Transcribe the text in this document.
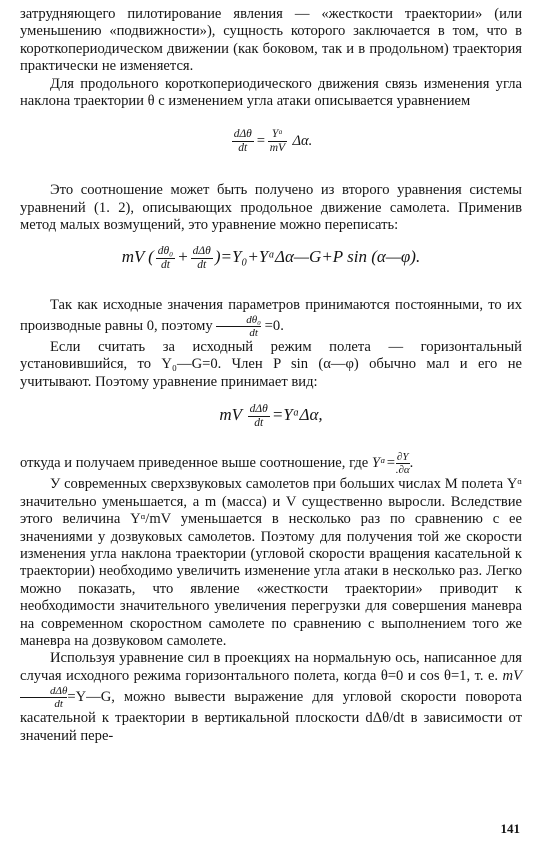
затрудняющего пилотирование явления — «жесткости траектории» (или уменьшению «подвижности»), сущность которого заключается в том, что в короткопериодическом движении (как боковом, так и в продольном) траектория практически не изменяется.

Для продольного короткопериодического движения связь изменения угла наклона траектории θ с изменением угла атаки описывается уравнением

$\frac{\text{dΔθ}}{dt} = \frac{\text{Yᵅ}}{mV} \Delta\alpha$.

Это соотношение может быть получено из второго уравнения системы уравнений (1. 2), описывающих продольное движение самолета. Применив метод малых возмущений, это уравнение можно переписать:

mV ( $\frac{\text{dθ₀}}{dt} + \frac{\text{dΔθ}}{dt}$ )=Y₀+YᵅΔα—G+P sin (α—φ).

Так как исходные значения параметров принимаются постоянными, то их производные равны 0, поэтому $\frac{\text{dθ₀}}{dt} =0$.

Если считать за исходный режим полета — горизонтальный установившийся, то Y₀—G=0. Член P sin (α—φ) обычно мал и его не учитывают. Поэтому уравнение принимает вид:

mV $\frac{\text{dΔθ}}{dt}$ =YᵅΔα,

откуда и получаем приведенное выше соотношение, где Yᵅ= $\frac{\partial Y}{.\partial\alpha}$ .

У современных сверхзвуковых самолетов при больших числах М полета Yᵅ значительно уменьшается, а m (масса) и V существенно выросли. Вследствие этого величина Yᵅ/mV уменьшается в несколько раз по сравнению с ее значениями у дозвуковых самолетов. Поэтому для получения той же скорости изменения угла наклона траектории (угловой скорости вращения касательной к траектории) необходимо увеличить изменение угла атаки в несколько раз. Легко можно показать, что явление «жесткости траектории» приводит к необходимости значительного увеличения перегрузки для совершения маневра на современном скоростном самолете по сравнению с выполнением того же маневра на дозвуковом самолете.

Используя уравнение сил в проекциях на нормальную ось, написанное для случая исходного режима горизонтального полета, когда θ=0 и cos θ=1, т. е. mV
$\frac{\text{dΔθ}}{dt}$ =Y—G, можно вывести выражение для угловой скорости поворота касательной к траектории в вертикальной плоскости dΔθ/dt в зависимости от значений пере-

141
